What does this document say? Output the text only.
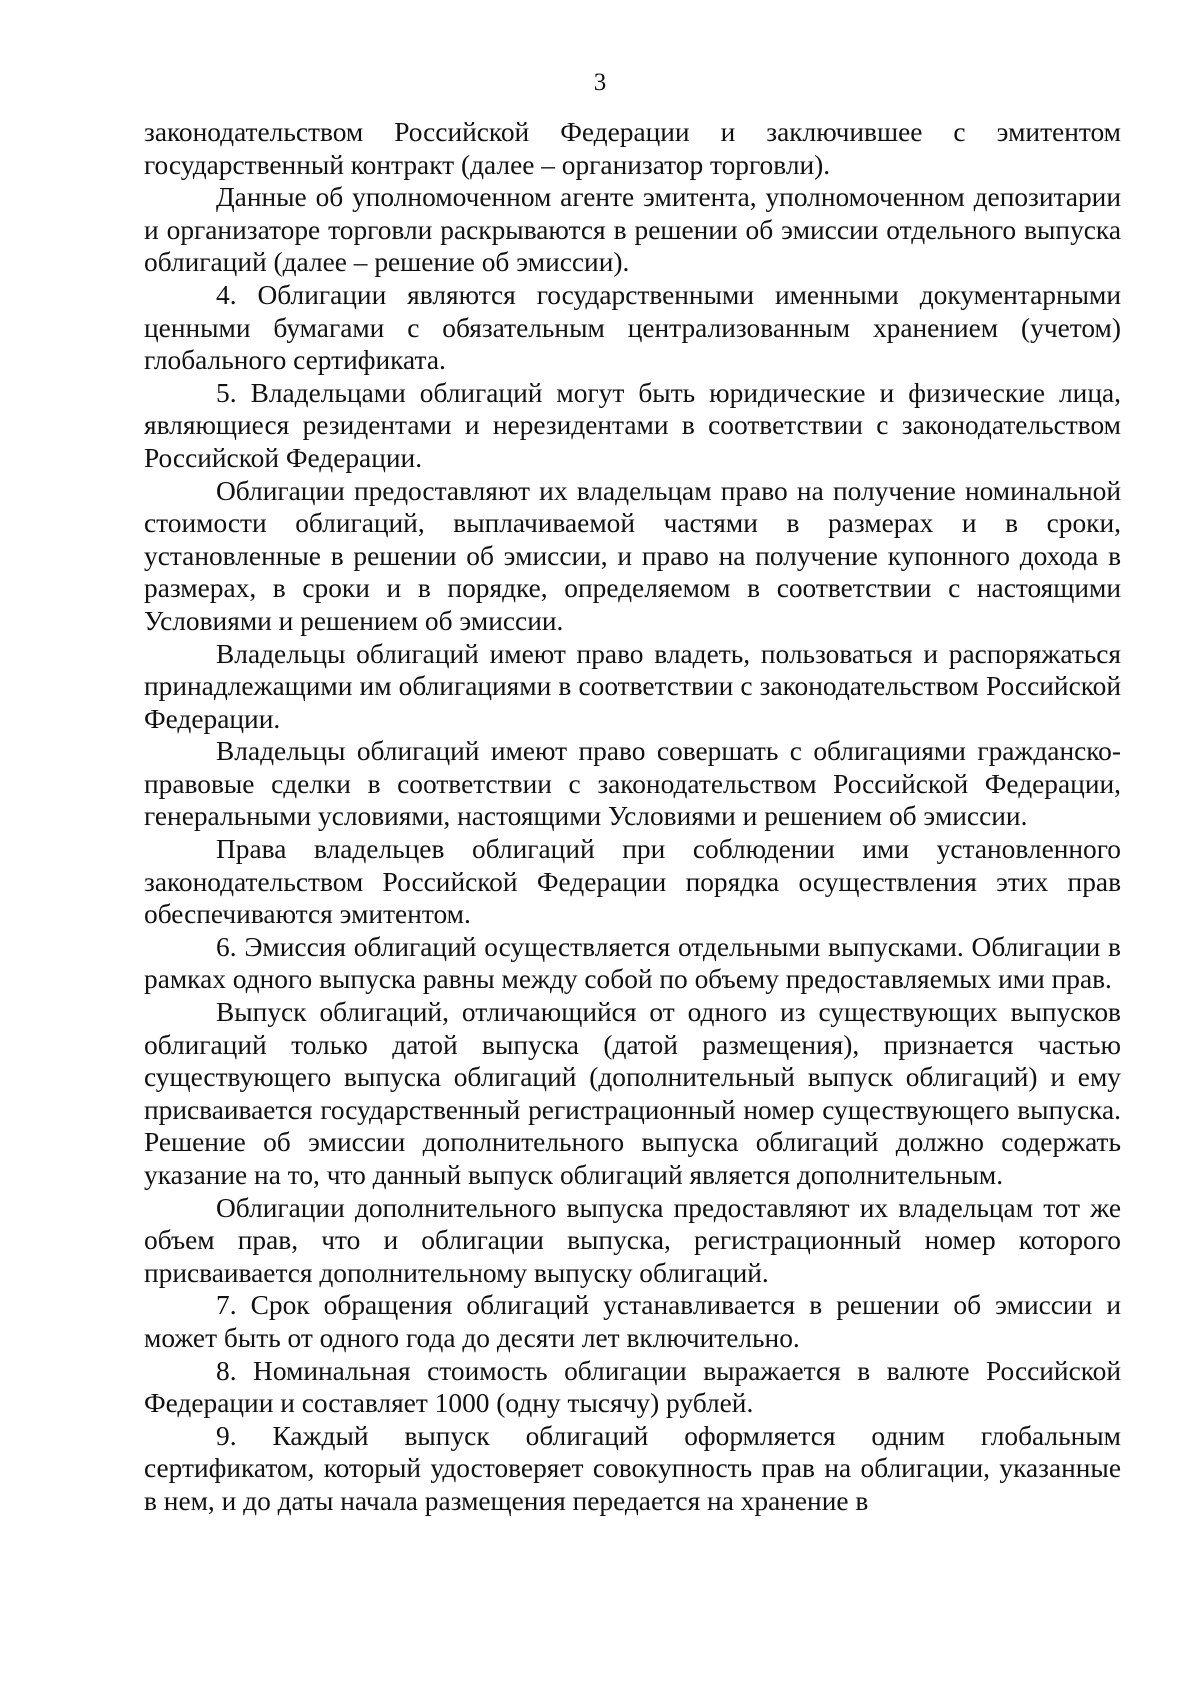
3

законодательством Российской Федерации и заключившее с эмитентом государственный контракт (далее – организатор торговли).

Данные об уполномоченном агенте эмитента, уполномоченном депозитарии и организаторе торговли раскрываются в решении об эмиссии отдельного выпуска облигаций (далее – решение об эмиссии).

4. Облигации являются государственными именными документарными ценными бумагами с обязательным централизованным хранением (учетом) глобального сертификата.

5. Владельцами облигаций могут быть юридические и физические лица, являющиеся резидентами и нерезидентами в соответствии с законодательством Российской Федерации.

Облигации предоставляют их владельцам право на получение номинальной стоимости облигаций, выплачиваемой частями в размерах и в сроки, установленные в решении об эмиссии, и право на получение купонного дохода в размерах, в сроки и в порядке, определяемом в соответствии с настоящими Условиями и решением об эмиссии.

Владельцы облигаций имеют право владеть, пользоваться и распоряжаться принадлежащими им облигациями в соответствии с законодательством Российской Федерации.

Владельцы облигаций имеют право совершать с облигациями гражданско-правовые сделки в соответствии с законодательством Российской Федерации, генеральными условиями, настоящими Условиями и решением об эмиссии.

Права владельцев облигаций при соблюдении ими установленного законодательством Российской Федерации порядка осуществления этих прав обеспечиваются эмитентом.

6. Эмиссия облигаций осуществляется отдельными выпусками. Облигации в рамках одного выпуска равны между собой по объему предоставляемых ими прав.

Выпуск облигаций, отличающийся от одного из существующих выпусков облигаций только датой выпуска (датой размещения), признается частью существующего выпуска облигаций (дополнительный выпуск облигаций) и ему присваивается государственный регистрационный номер существующего выпуска. Решение об эмиссии дополнительного выпуска облигаций должно содержать указание на то, что данный выпуск облигаций является дополнительным.

Облигации дополнительного выпуска предоставляют их владельцам тот же объем прав, что и облигации выпуска, регистрационный номер которого присваивается дополнительному выпуску облигаций.

7. Срок обращения облигаций устанавливается в решении об эмиссии и может быть от одного года до десяти лет включительно.

8. Номинальная стоимость облигации выражается в валюте Российской Федерации и составляет 1000 (одну тысячу) рублей.

9. Каждый выпуск облигаций оформляется одним глобальным сертификатом, который удостоверяет совокупность прав на облигации, указанные в нем, и до даты начала размещения передается на хранение в
